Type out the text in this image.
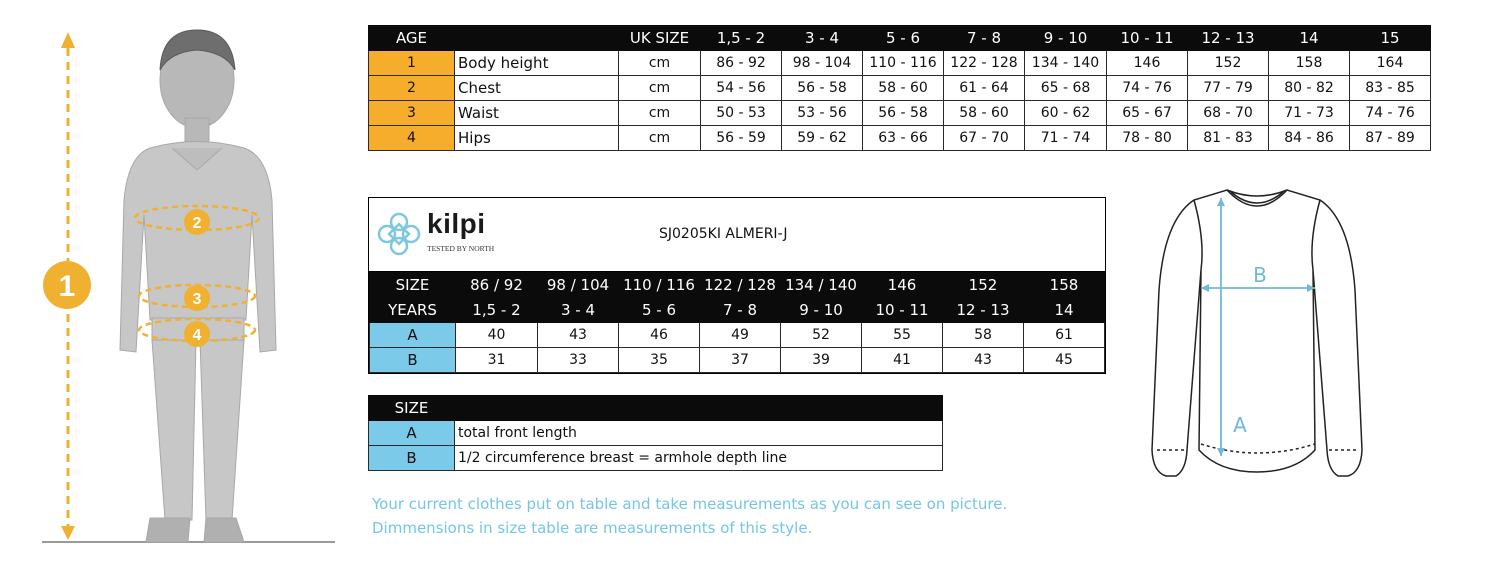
1
2
3
4
AGE		UK SIZE	1,5 - 2	3 - 4	5 - 6	7 - 8	9 - 10	10 - 11	12 - 13	14	15
1	Body height	cm	86 - 92	98 - 104	110 - 116	122 - 128	134 - 140	146	152	158	164
2	Chest	cm	54 - 56	56 - 58	58 - 60	61 - 64	65 - 68	74 - 76	77 - 79	80 - 82	83 - 85
3	Waist	cm	50 - 53	53 - 56	56 - 58	58 - 60	60 - 62	65 - 67	68 - 70	71 - 73	74 - 76
4	Hips	cm	56 - 59	59 - 62	63 - 66	67 - 70	71 - 74	78 - 80	81 - 83	84 - 86	87 - 89
kilpi
TESTED BY NORTH
SJ0205KI ALMERI-J
SIZE	86 / 92	98 / 104	110 / 116	122 / 128	134 / 140	146	152	158
YEARS	1,5 - 2	3 - 4	5 - 6	7 - 8	9 - 10	10 - 11	12 - 13	14
A	40	43	46	49	52	55	58	61
B	31	33	35	37	39	41	43	45
SIZE	
A	total front length
B	1/2 circumference breast = armhole depth line
Your current clothes put on table and take measurements as you can see on picture.
Dimmensions in size table are measurements of this style.
B
A
